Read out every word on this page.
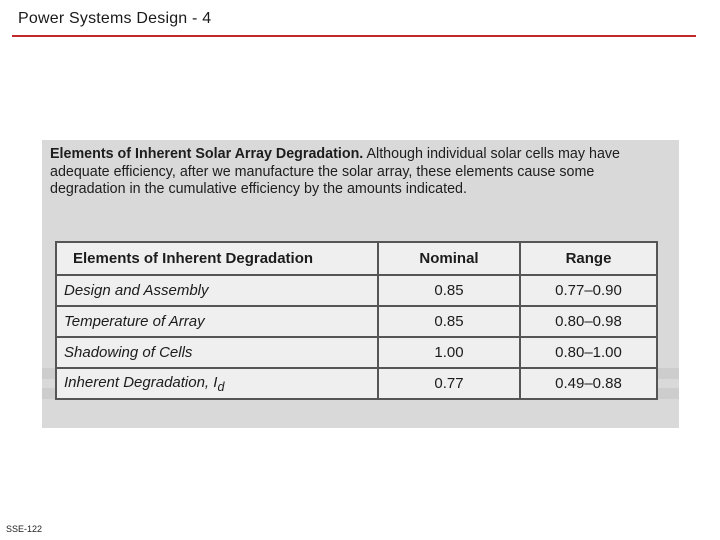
Power Systems Design - 4
Elements of Inherent Solar Array Degradation. Although individual solar cells may have adequate efficiency, after we manufacture the solar array, these elements cause some degradation in the cumulative efficiency by the amounts indicated.
Elements of Inherent Degradation	Nominal	Range
Design and Assembly	0.85	0.77–0.90
Temperature of Array	0.85	0.80–0.98
Shadowing of Cells	1.00	0.80–1.00
Inherent Degradation, $I_d$	0.77	0.49–0.88
SSE-122
